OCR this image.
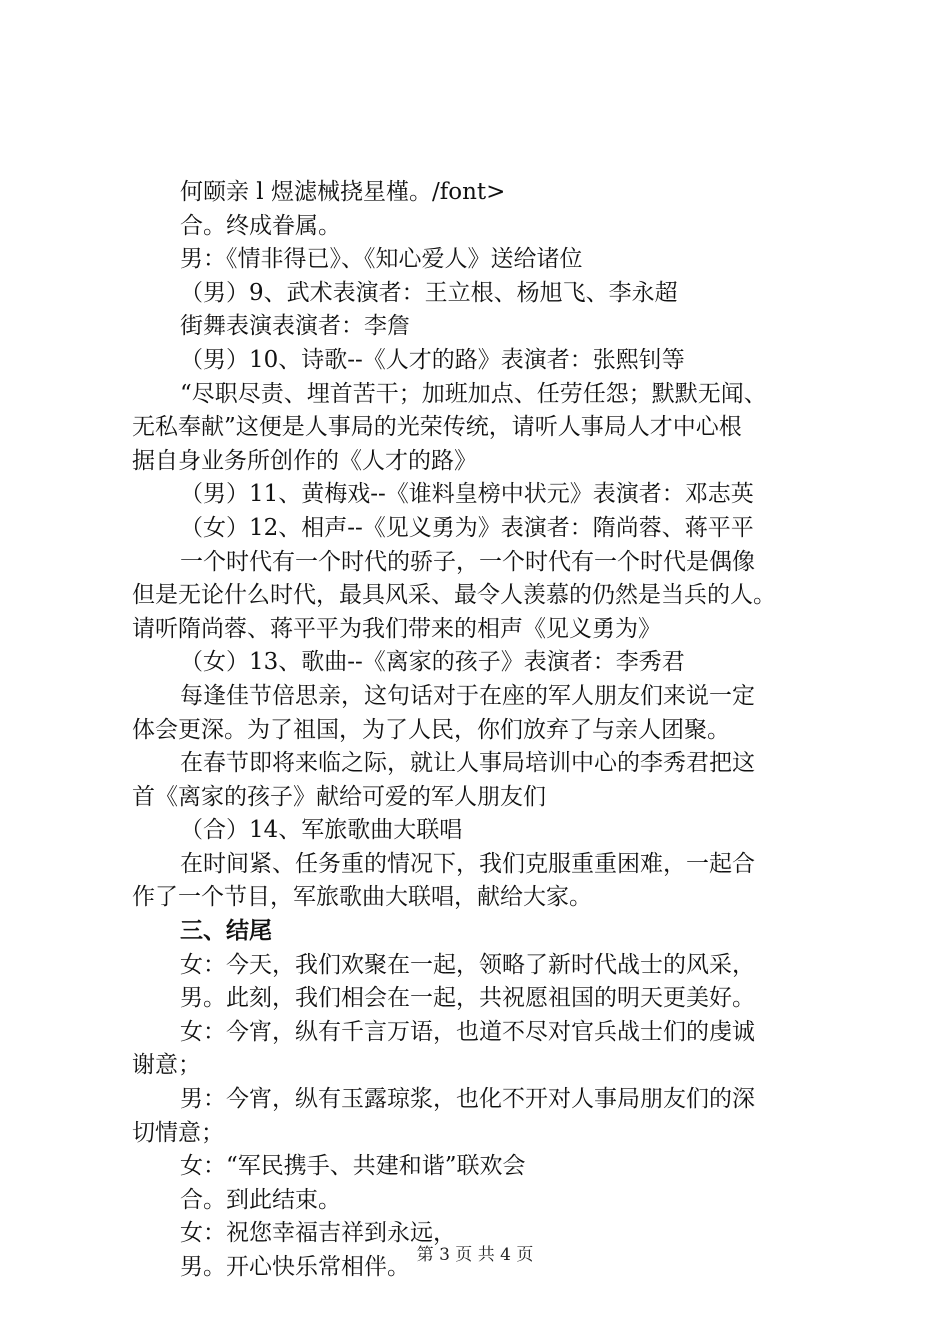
何颐亲 l 煜滤械挠星槿。/font>
合。终成眷属。
男：《情非得已》、《知心爱人》送给诸位
（男）9、武术表演者：王立根、杨旭飞、李永超
街舞表演表演者：李詹
（男）10、诗歌--《人才的路》表演者：张熙钊等
“尽职尽责、埋首苦干；加班加点、任劳任怨；默默无闻、
无私奉献”这便是人事局的光荣传统，请听人事局人才中心根
据自身业务所创作的《人才的路》
（男）11、黄梅戏--《谁料皇榜中状元》表演者：邓志英
（女）12、相声--《见义勇为》表演者：隋尚蓉、蒋平平
一个时代有一个时代的骄子，一个时代有一个时代是偶像
但是无论什么时代，最具风采、最令人羡慕的仍然是当兵的人。
请听隋尚蓉、蒋平平为我们带来的相声《见义勇为》
（女）13、歌曲--《离家的孩子》表演者：李秀君
每逢佳节倍思亲，这句话对于在座的军人朋友们来说一定
体会更深。为了祖国，为了人民，你们放弃了与亲人团聚。
在春节即将来临之际，就让人事局培训中心的李秀君把这
首《离家的孩子》献给可爱的军人朋友们
（合）14、军旅歌曲大联唱
在时间紧、任务重的情况下，我们克服重重困难，一起合
作了一个节目，军旅歌曲大联唱，献给大家。
三、结尾
女：今天，我们欢聚在一起，领略了新时代战士的风采，
男。此刻，我们相会在一起，共祝愿祖国的明天更美好。
女：今宵，纵有千言万语，也道不尽对官兵战士们的虔诚
谢意；
男：今宵，纵有玉露琼浆，也化不开对人事局朋友们的深
切情意；
女：“军民携手、共建和谐”联欢会
合。到此结束。
女：祝您幸福吉祥到永远，
男。开心快乐常相伴。 第 3 页 共 4 页
